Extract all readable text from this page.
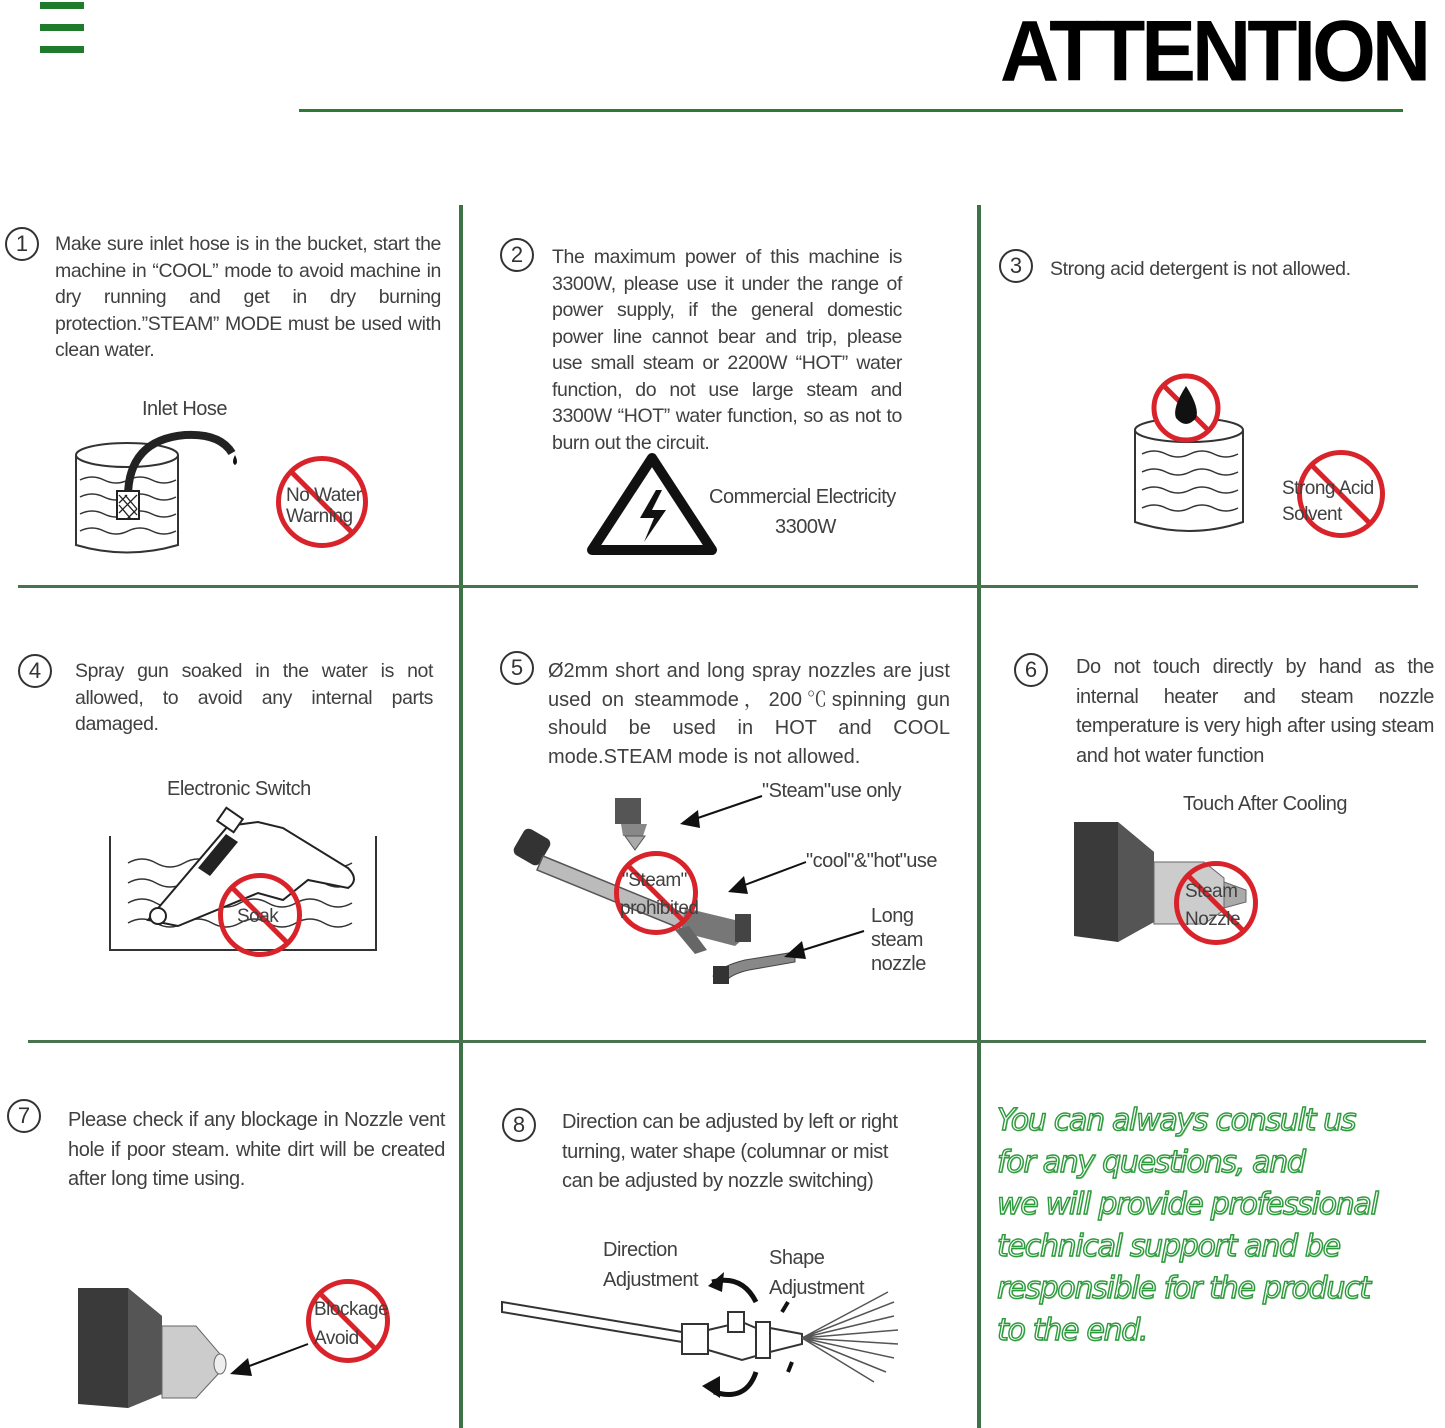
ATTENTION
1	Make sure inlet hose is in the bucket, start the machine in “COOL” mode to avoid machine in dry running and get in dry burning protection.”STEAM” MODE must be used with clean water.
Inlet Hose
No Water
Warning
2	The maximum power of this machine is 3300W, please use it under the range of power supply, if the general domestic power line cannot bear and trip, please use small steam or 2200W “HOT” water function, do not use large steam and 3300W “HOT” water function, so as not to burn out the circuit.
Commercial Electricity
3300W
3	Strong acid detergent is not allowed.
Strong Acid
Solvent
4	Spray gun soaked in the water is not allowed, to avoid any internal parts damaged.
Electronic Switch
Soak
5	Ø2mm short and long spray nozzles are just used on steammode，200℃spinning gun should be used in HOT and COOL mode.STEAM mode is not allowed.
"Steam"use only
"cool"&"hot"use
Long
steam
nozzle
"Steam"
prohibited
6	Do not touch directly by hand as the internal heater and steam nozzle temperature is very high after using steam and hot water function
Touch After Cooling
Steam
Nozzle
7	Please check if any blockage in Nozzle vent hole if poor steam. white dirt will be created after long time using.
Blockage
Avoid
8	Direction can be adjusted by left or right turning, water shape (columnar or mist can be adjusted by nozzle switching)
Direction
Adjustment
Shape
Adjustment
You can always consult us
for any questions, and
we will provide professional
technical support and be
responsible for the product
to the end.
